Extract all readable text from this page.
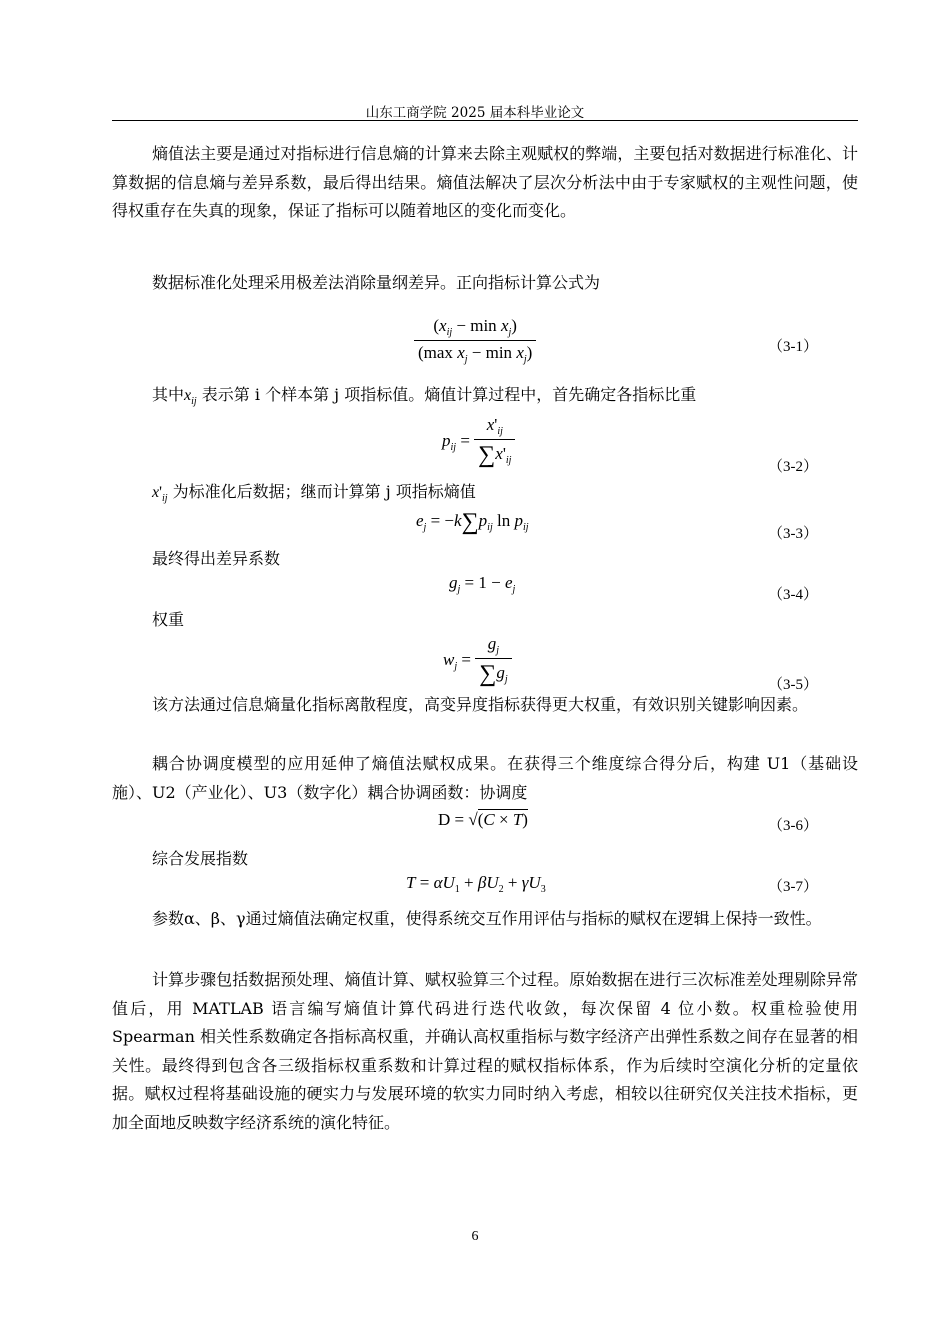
山东工商学院 2025 届本科毕业论文
熵值法主要是通过对指标进行信息熵的计算来去除主观赋权的弊端，主要包括对数据进行标准化、计算数据的信息熵与差异系数，最后得出结果。熵值法解决了层次分析法中由于专家赋权的主观性问题，使得权重存在失真的现象，保证了指标可以随着地区的变化而变化。
数据标准化处理采用极差法消除量纲差异。正向指标计算公式为
$\frac{(x_{ij} - \min x_j)}{(\max x_j - \min x_j)}$	（3-1）
其中$x_{ij}$ 表示第 i 个样本第 j 项指标值。熵值计算过程中，首先确定各指标比重
$p_{ij} = \frac{x'_{ij}}{\sum x'_{ij}}$	（3-2）
$x'_{ij}$ 为标准化后数据；继而计算第 j 项指标熵值
$e_j = -k\sum p_{ij}$ $\ln p_{ij}$	（3-3）
最终得出差异系数
$g_j = 1 - e_j$	（3-4）
权重
$w_j = \frac{g_j}{\sum g_j}$	（3-5）
该方法通过信息熵量化指标离散程度，高变异度指标获得更大权重，有效识别关键影响因素。
耦合协调度模型的应用延伸了熵值法赋权成果。在获得三个维度综合得分后，构建 U1（基础设施）、U2（产业化）、U3（数字化）耦合协调函数：协调度
D = √(C × T)	（3-6）
综合发展指数
$T = \alpha U_1 + \beta U_2 + \gamma U_3$	（3-7）
参数α、β、γ通过熵值法确定权重，使得系统交互作用评估与指标的赋权在逻辑上保持一致性。
计算步骤包括数据预处理、熵值计算、赋权验算三个过程。原始数据在进行三次标准差处理剔除异常值后，用 MATLAB 语言编写熵值计算代码进行迭代收敛，每次保留 4 位小数。权重检验使用 Spearman 相关性系数确定各指标高权重，并确认高权重指标与数字经济产出弹性系数之间存在显著的相关性。最终得到包含各三级指标权重系数和计算过程的赋权指标体系，作为后续时空演化分析的定量依据。赋权过程将基础设施的硬实力与发展环境的软实力同时纳入考虑，相较以往研究仅关注技术指标，更加全面地反映数字经济系统的演化特征。
6
